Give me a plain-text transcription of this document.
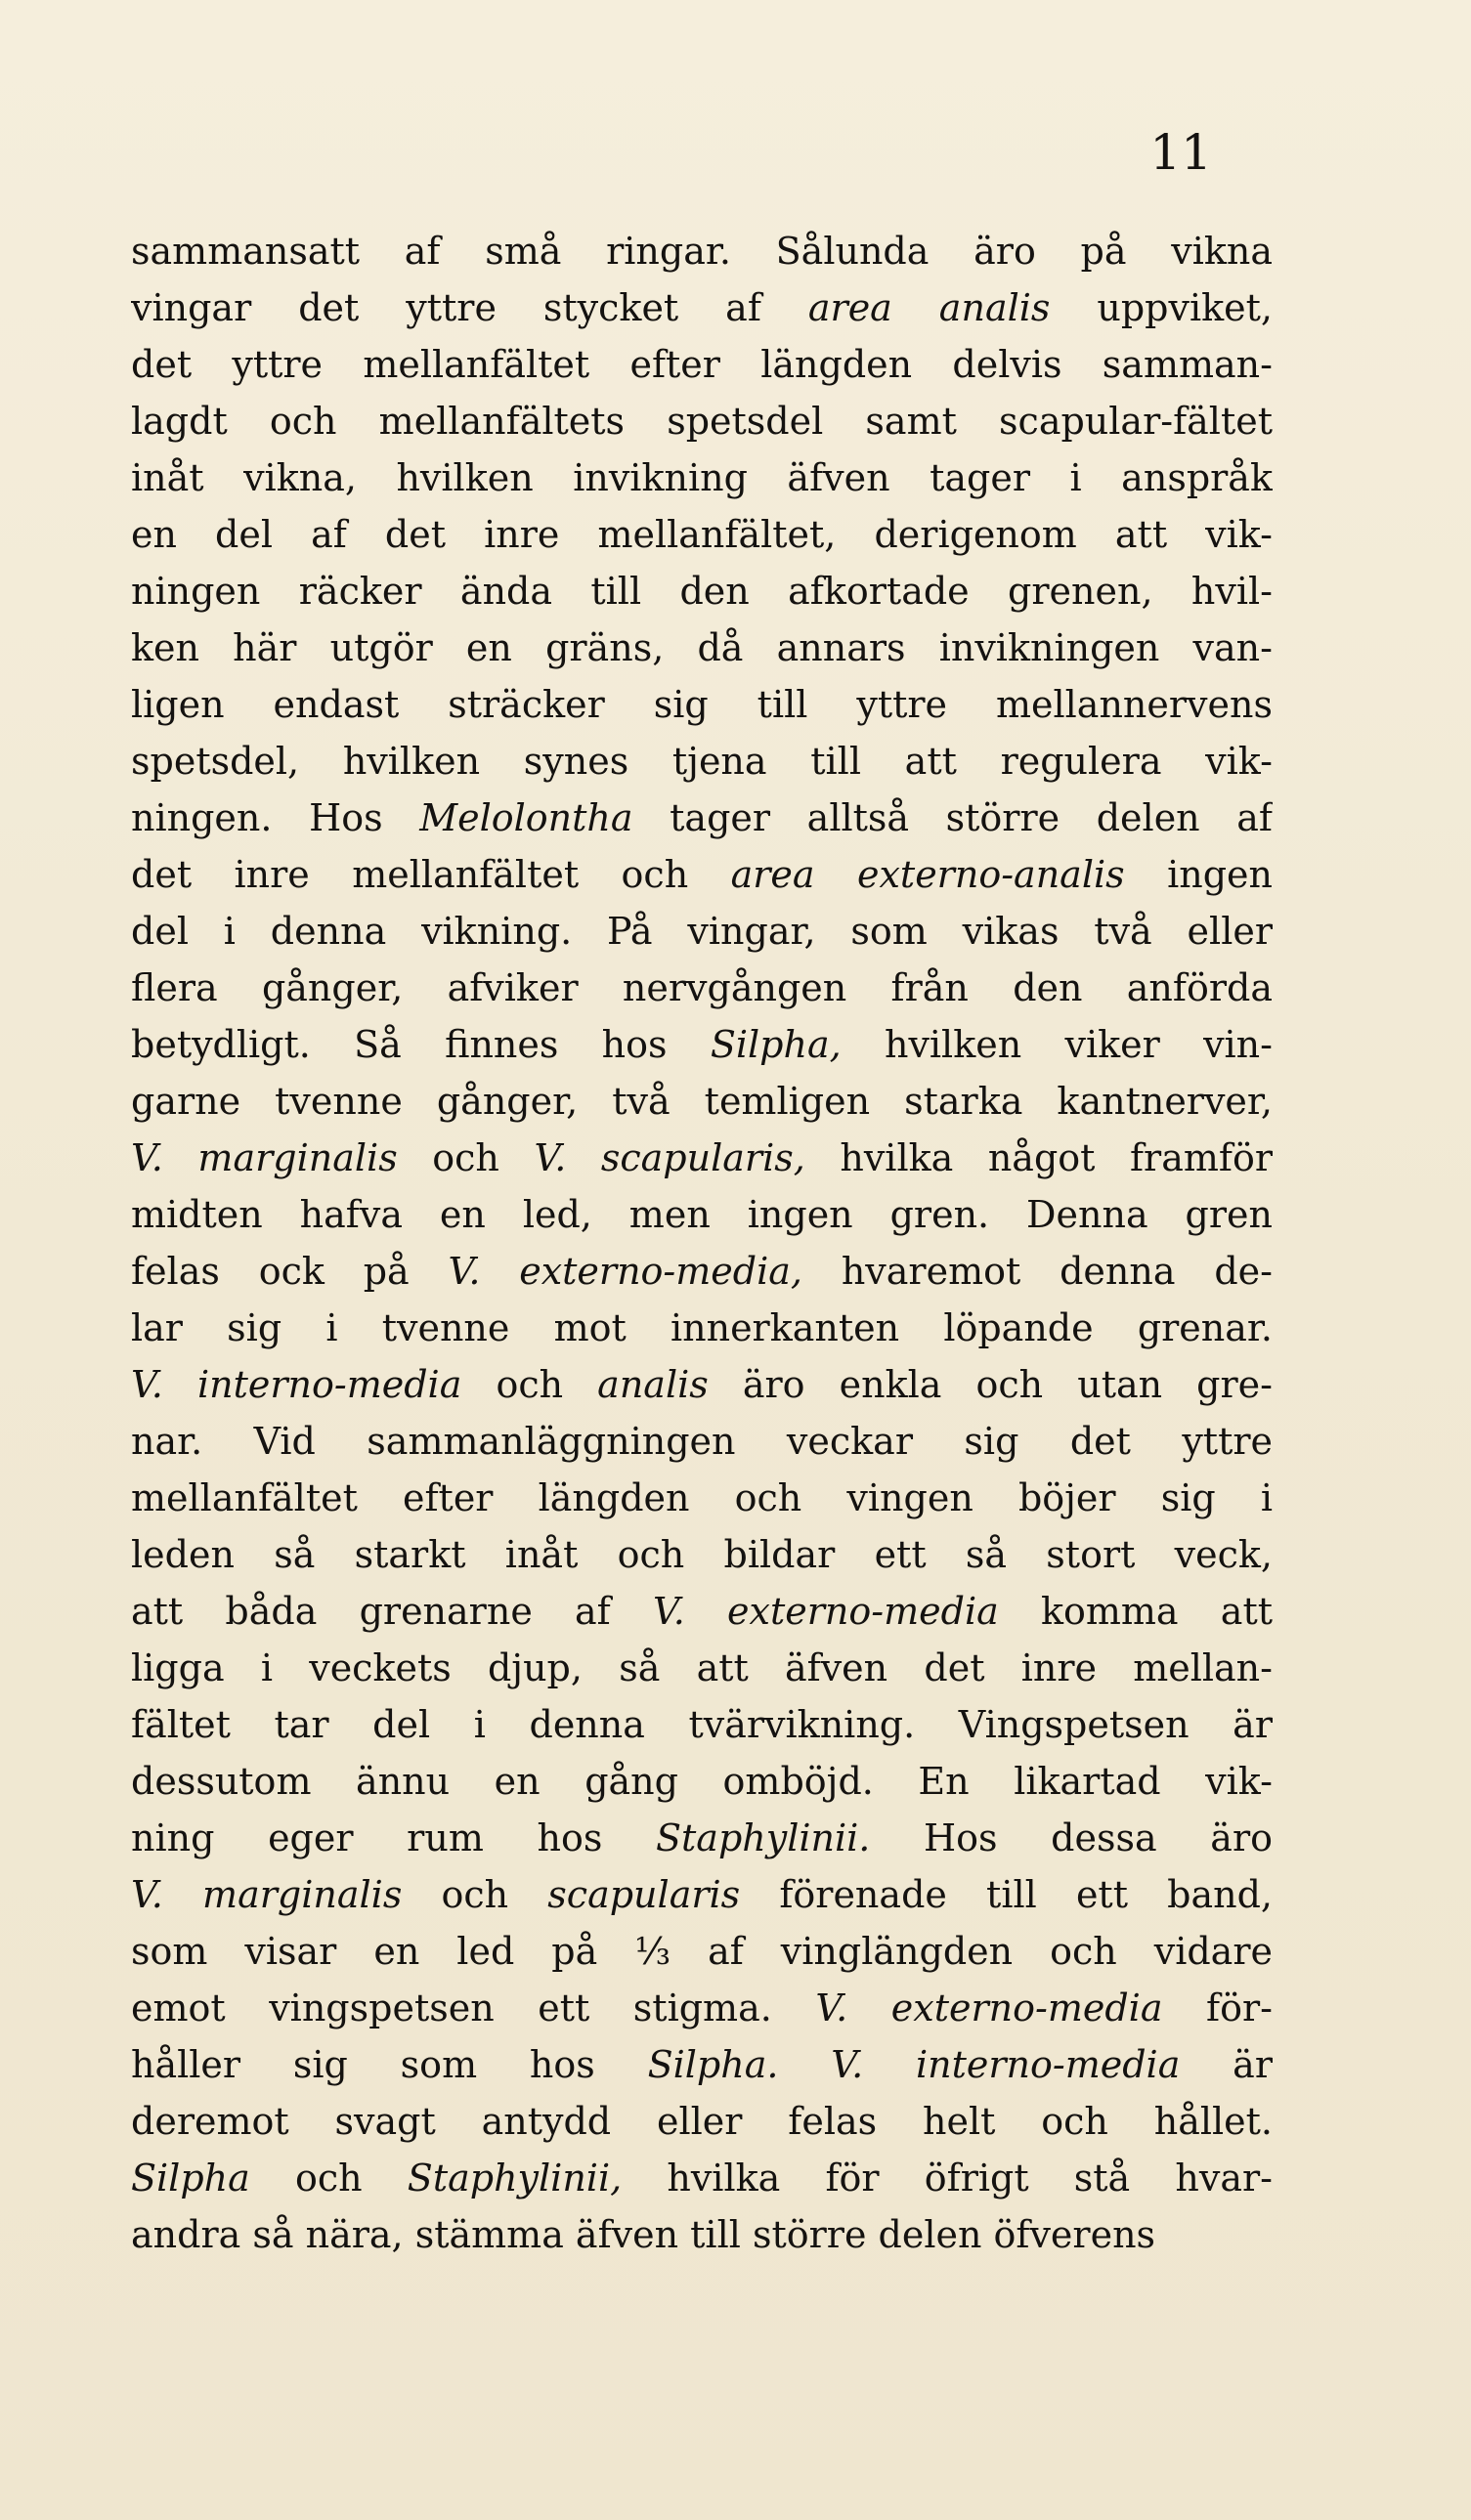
11
sammansatt af små ringar. Sålunda äro på vikna
vingar det yttre stycket af area analis uppviket,
det yttre mellanfältet efter längden delvis samman-
lagdt och mellanfältets spetsdel samt scapular-fältet
inåt vikna, hvilken invikning äfven tager i anspråk
en del af det inre mellanfältet, derigenom att vik-
ningen räcker ända till den afkortade grenen, hvil-
ken här utgör en gräns, då annars invikningen van-
ligen endast sträcker sig till yttre mellannervens
spetsdel, hvilken synes tjena till att regulera vik-
ningen. Hos Melolontha tager alltså större delen af
det inre mellanfältet och area externo-analis ingen
del i denna vikning. På vingar, som vikas två eller
flera gånger, afviker nervgången från den anförda
betydligt. Så finnes hos Silpha, hvilken viker vin-
garne tvenne gånger, två temligen starka kantnerver,
V. marginalis och V. scapularis, hvilka något framför
midten hafva en led, men ingen gren. Denna gren
felas ock på V. externo-media, hvaremot denna de-
lar sig i tvenne mot innerkanten löpande grenar.
V. interno-media och analis äro enkla och utan gre-
nar. Vid sammanläggningen veckar sig det yttre
mellanfältet efter längden och vingen böjer sig i
leden så starkt inåt och bildar ett så stort veck,
att båda grenarne af V. externo-media komma att
ligga i veckets djup, så att äfven det inre mellan-
fältet tar del i denna tvärvikning. Vingspetsen är
dessutom ännu en gång omböjd. En likartad vik-
ning eger rum hos Staphylinii. Hos dessa äro
V. marginalis och scapularis förenade till ett band,
som visar en led på ⅓ af vinglängden och vidare
emot vingspetsen ett stigma. V. externo-media för-
håller sig som hos Silpha. V. interno-media är
deremot svagt antydd eller felas helt och hållet.
Silpha och Staphylinii, hvilka för öfrigt stå hvar-
andra så nära, stämma äfven till större delen öfverens
